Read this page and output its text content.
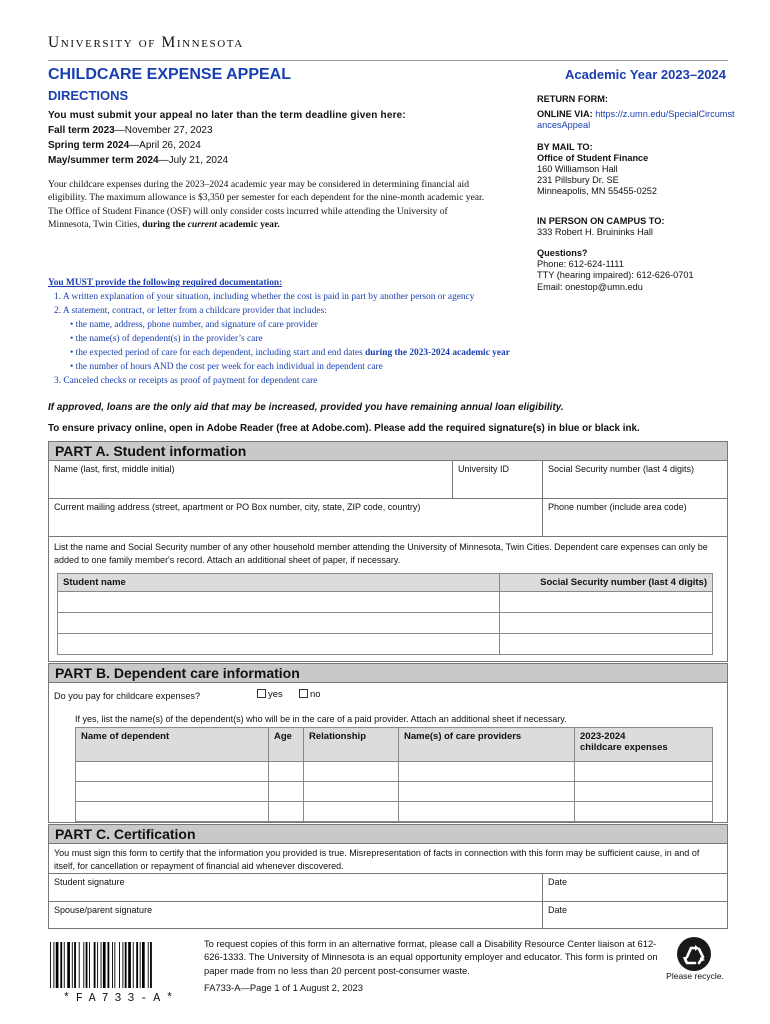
University of Minnesota
CHILDCARE EXPENSE APPEAL	Academic Year 2023–2024
DIRECTIONS
You must submit your appeal no later than the term deadline given here:
Fall term 2023—November 27, 2023
Spring term 2024—April 26, 2024
May/summer term 2024—July 21, 2024
Your childcare expenses during the 2023–2024 academic year may be considered in determining financial aid eligibility. The maximum allowance is $3,350 per semester for each dependent for the nine-month academic year. The Office of Student Finance (OSF) will only consider costs incurred while attending the University of Minnesota, Twin Cities, during the current academic year.
RETURN FORM:
ONLINE VIA: https://z.umn.edu/SpecialCircumstancesAppeal
BY MAIL TO:
Office of Student Finance
160 Williamson Hall
231 Pillsbury Dr. SE
Minneapolis, MN 55455-0252
IN PERSON ON CAMPUS TO:
333 Robert H. Bruininks Hall
Questions?
Phone: 612-624-1111
TTY (hearing impaired): 612-626-0701
Email: onestop@umn.edu
You MUST provide the following required documentation:
1. A written explanation of your situation, including whether the cost is paid in part by another person or agency
2. A statement, contract, or letter from a childcare provider that includes:
• the name, address, phone number, and signature of care provider
• the name(s) of dependent(s) in the provider’s care
• the expected period of care for each dependent, including start and end dates during the 2023-2024 academic year
• the number of hours AND the cost per week for each individual in dependent care
3. Canceled checks or receipts as proof of payment for dependent care
If approved, loans are the only aid that may be increased, provided you have remaining annual loan eligibility.
To ensure privacy online, open in Adobe Reader (free at Adobe.com). Please add the required signature(s) in blue or black ink.
PART A. Student information
Name (last, first, middle initial)	University ID	Social Security number (last 4 digits)
Current mailing address (street, apartment or PO Box number, city, state, ZIP code, country)	Phone number (include area code)
List the name and Social Security number of any other household member attending the University of Minnesota, Twin Cities. Dependent care expenses can only be added to one family member's record. Attach an additional sheet of paper, if necessary.
Student name	Social Security number (last 4 digits)

PART B. Dependent care information
Do you pay for childcare expenses?	yes	no
If yes, list the name(s) of the dependent(s) who will be in the care of a paid provider. Attach an additional sheet if necessary.
Name of dependent	Age	Relationship	Name(s) of care providers	2023-2024
childcare expenses

PART C. Certification
You must sign this form to certify that the information you provided is true. Misrepresentation of facts in connection with this form may be sufficient cause, in and of itself, for cancellation or repayment of financial aid whenever discovered.
Student signature	Date
Spouse/parent signature	Date
*FA733-A*
To request copies of this form in an alternative format, please call a Disability Resource Center liaison at 612-626-1333. The University of Minnesota is an equal opportunity employer and educator. This form is printed on paper made from no less than 20 percent post-consumer waste.
FA733-A—Page 1 of 1 August 2, 2023
Please recycle.
